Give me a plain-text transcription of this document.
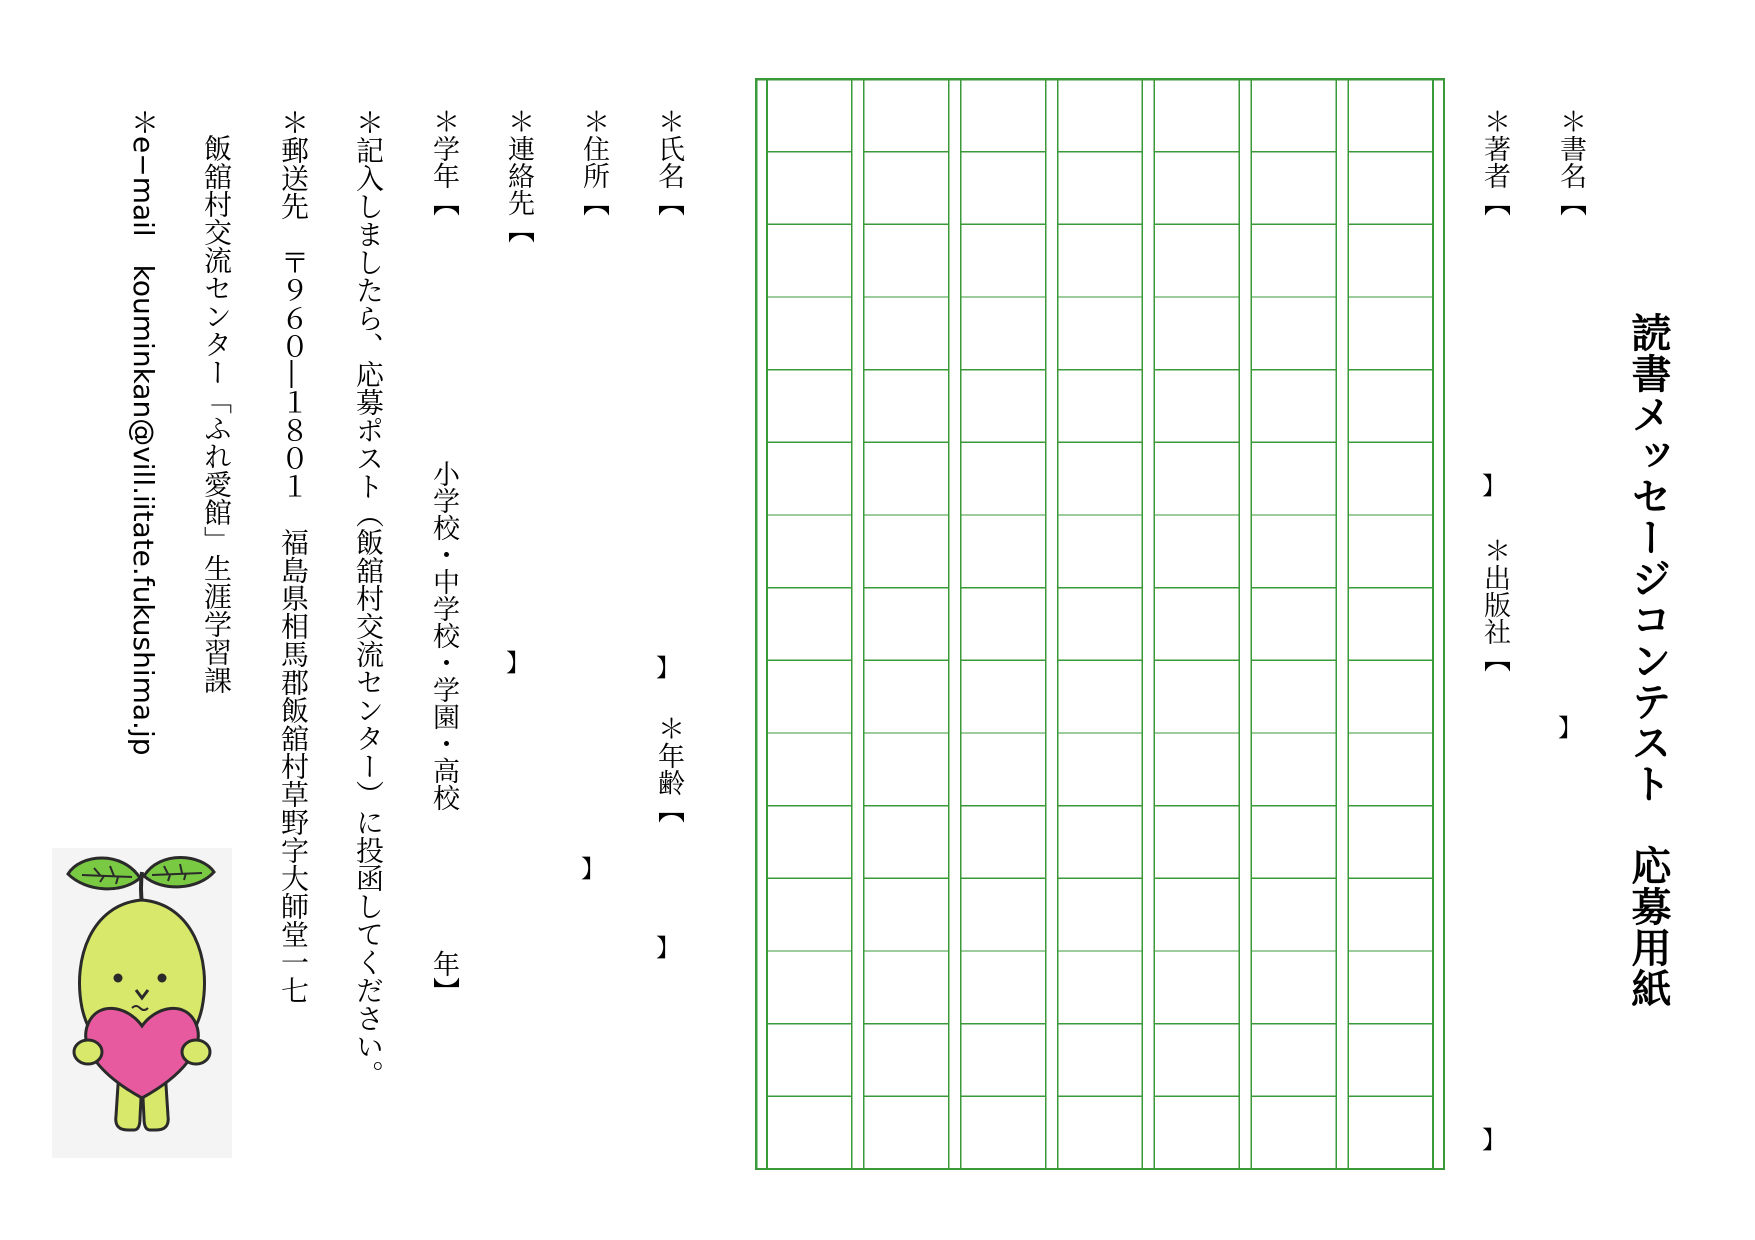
読書メッセージコンテスト　応募用紙
＊書名【
】
＊著者【
】
＊出版社【
】
＊氏名【
】
＊年齢【
】
＊住所【
】
＊連絡先【
】
＊学年【
小学校・中学校・学園・高校
年】
＊記入しましたら、応募ポスト（飯舘村交流センター）に投函してください。
＊郵送先　〒９６０―１８０１　福島県相馬郡飯舘村草野字大師堂一七
飯舘村交流センター「ふれ愛館」生涯学習課
＊e−mail　kouminkan@vill.iitate.fukushima.jp
